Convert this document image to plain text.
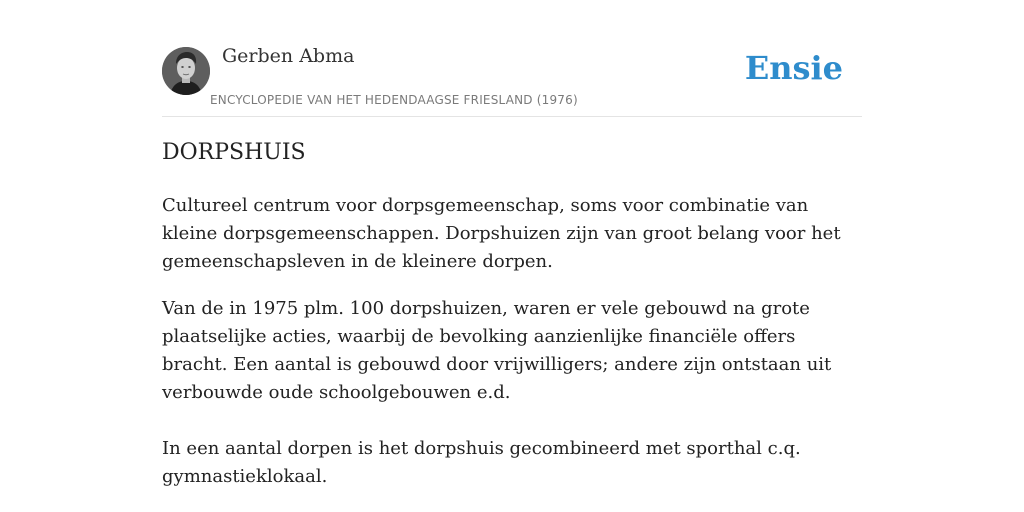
Gerben Abma
ENCYCLOPEDIE VAN HET HEDENDAAGSE FRIESLAND (1976)
Ensie
DORPSHUIS

Cultureel centrum voor dorpsgemeenschap, soms voor combinatie van kleine dorpsgemeenschappen. Dorpshuizen zijn van groot belang voor het gemeenschapsleven in de kleinere dorpen.

Van de in 1975 plm. 100 dorpshuizen, waren er vele gebouwd na grote plaatselijke acties, waarbij de bevolking aanzienlijke financiële offers bracht. Een aantal is gebouwd door vrijwilligers; andere zijn ontstaan uit verbouwde oude schoolgebouwen e.d.

In een aantal dorpen is het dorpshuis gecombineerd met sporthal c.q. gymnastieklokaal.
